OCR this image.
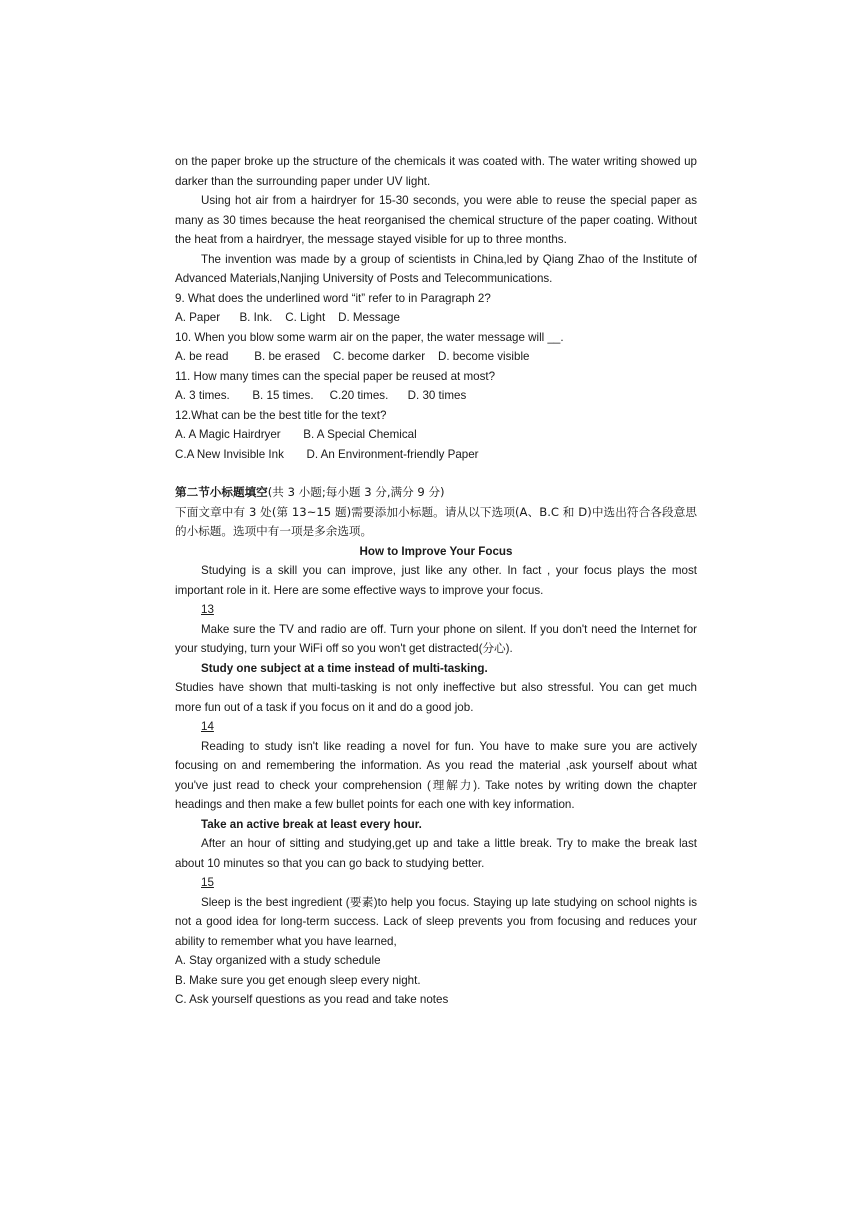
on the paper broke up the structure of the chemicals it was coated with. The water writing showed up darker than the surrounding paper under UV light.

Using hot air from a hairdryer for 15-30 seconds, you were able to reuse the special paper as many as 30 times because the heat reorganised the chemical structure of the paper coating. Without the heat from a hairdryer, the message stayed visible for up to three months.

The invention was made by a group of scientists in China,led by Qiang Zhao of the Institute of Advanced Materials,Nanjing University of Posts and Telecommunications.

9. What does the underlined word “it” refer to in Paragraph 2?

A. Paper B. Ink. C. Light D. Message

10. When you blow some warm air on the paper, the water message will __.

A. be read B. be erased C. become darker D. become visible

11. How many times can the special paper be reused at most?

A. 3 times. B. 15 times. C.20 times. D. 30 times

12.What can be the best title for the text?

A. A Magic Hairdryer B. A Special Chemical

C.A New Invisible Ink D. An Environment-friendly Paper

第二节小标题填空(共 3 小题;每小题 3 分,满分 9 分)

下面文章中有 3 处(第 13~15 题)需要添加小标题。请从以下选项(A、B.C 和 D)中选出符合各段意思的小标题。选项中有一项是多余选项。

How to Improve Your Focus

Studying is a skill you can improve, just like any other. In fact , your focus plays the most important role in it. Here are some effective ways to improve your focus.

13

Make sure the TV and radio are off. Turn your phone on silent. If you don't need the Internet for your studying, turn your WiFi off so you won't get distracted(分心).

Study one subject at a time instead of multi-tasking.

Studies have shown that multi-tasking is not only ineffective but also stressful. You can get much more fun out of a task if you focus on it and do a good job.

14

Reading to study isn't like reading a novel for fun. You have to make sure you are actively focusing on and remembering the information. As you read the material ,ask yourself about what you've just read to check your comprehension (理解力). Take notes by writing down the chapter headings and then make a few bullet points for each one with key information.

Take an active break at least every hour.

After an hour of sitting and studying,get up and take a little break. Try to make the break last about 10 minutes so that you can go back to studying better.

15

Sleep is the best ingredient (要素)to help you focus. Staying up late studying on school nights is not a good idea for long-term success. Lack of sleep prevents you from focusing and reduces your ability to remember what you have learned,

A. Stay organized with a study schedule

B. Make sure you get enough sleep every night.

C. Ask yourself questions as you read and take notes
